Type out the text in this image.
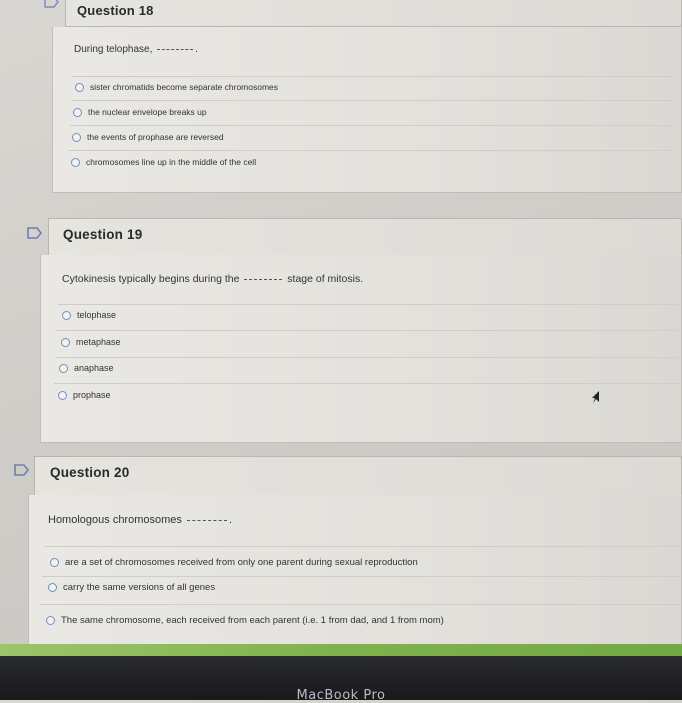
Question 18
During telophase,	.
sister chromatids become separate chromosomes
the nuclear envelope breaks up
the events of prophase are reversed
chromosomes line up in the middle of the cell
Question 19
Cytokinesis typically begins during the	stage of mitosis.
telophase
metaphase
anaphase
prophase
Question 20
Homologous chromosomes	.
are a set of chromosomes received from only one parent during sexual reproduction
carry the same versions of all genes
The same chromosome, each received from each parent (i.e. 1 from dad, and 1 from mom)
MacBook Pro
